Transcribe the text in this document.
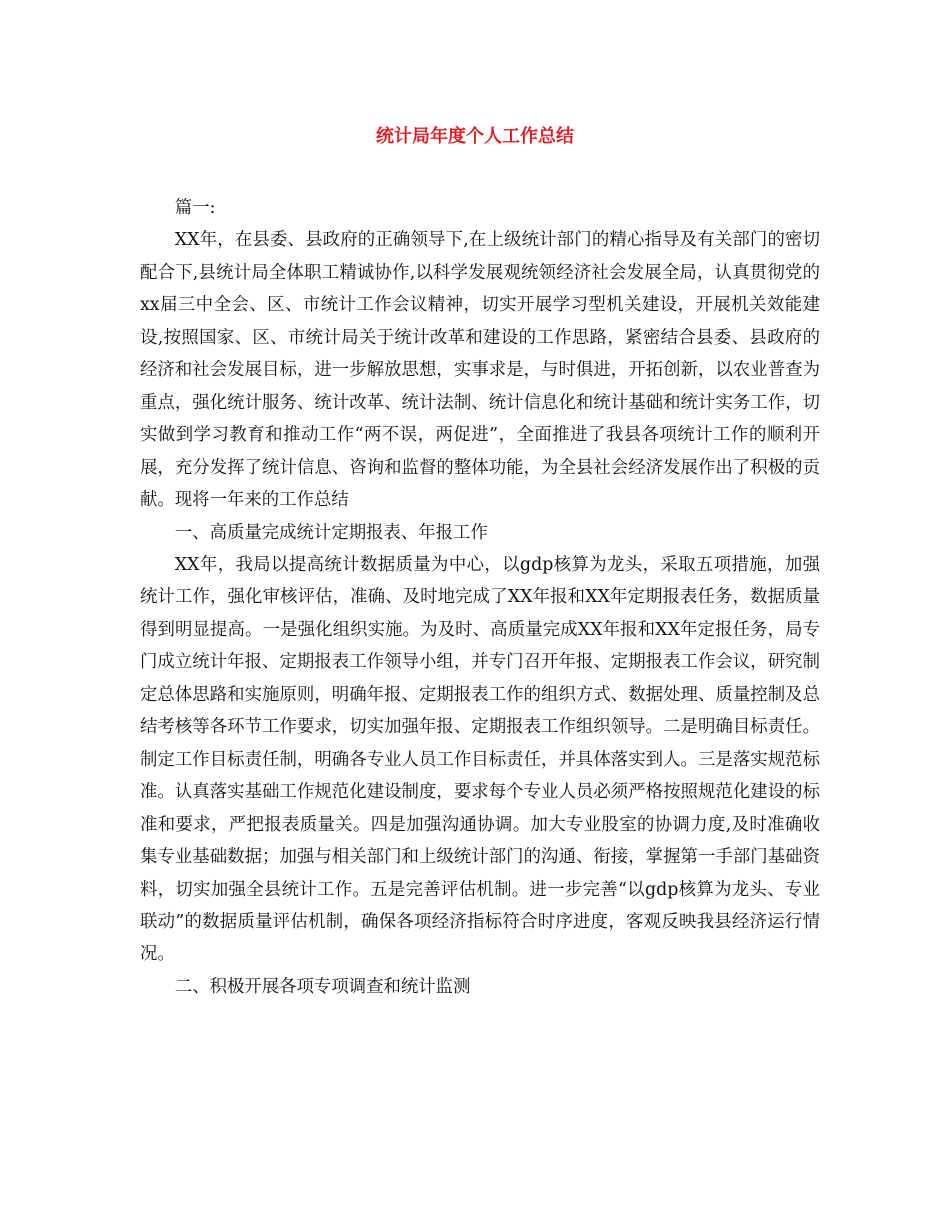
统计局年度个人工作总结

篇一:

XX年，在县委、县政府的正确领导下,在上级统计部门的精心指导及有关部门的密切配合下,县统计局全体职工精诚协作,以科学发展观统领经济社会发展全局，认真贯彻党的xx届三中全会、区、市统计工作会议精神，切实开展学习型机关建设，开展机关效能建设,按照国家、区、市统计局关于统计改革和建设的工作思路，紧密结合县委、县政府的经济和社会发展目标，进一步解放思想，实事求是，与时俱进，开拓创新，以农业普查为重点，强化统计服务、统计改革、统计法制、统计信息化和统计基础和统计实务工作，切实做到学习教育和推动工作“两不误，两促进”，全面推进了我县各项统计工作的顺利开展，充分发挥了统计信息、咨询和监督的整体功能，为全县社会经济发展作出了积极的贡献。现将一年来的工作总结

一、高质量完成统计定期报表、年报工作

XX年，我局以提高统计数据质量为中心，以gdp核算为龙头，采取五项措施，加强统计工作，强化审核评估，准确、及时地完成了XX年报和XX年定期报表任务，数据质量得到明显提高。一是强化组织实施。为及时、高质量完成XX年报和XX年定报任务，局专门成立统计年报、定期报表工作领导小组，并专门召开年报、定期报表工作会议，研究制定总体思路和实施原则，明确年报、定期报表工作的组织方式、数据处理、质量控制及总结考核等各环节工作要求，切实加强年报、定期报表工作组织领导。二是明确目标责任。制定工作目标责任制，明确各专业人员工作目标责任，并具体落实到人。三是落实规范标准。认真落实基础工作规范化建设制度，要求每个专业人员必须严格按照规范化建设的标准和要求，严把报表质量关。四是加强沟通协调。加大专业股室的协调力度,及时准确收集专业基础数据；加强与相关部门和上级统计部门的沟通、衔接，掌握第一手部门基础资料，切实加强全县统计工作。五是完善评估机制。进一步完善“以gdp核算为龙头、专业联动”的数据质量评估机制，确保各项经济指标符合时序进度，客观反映我县经济运行情况。

二、积极开展各项专项调查和统计监测
